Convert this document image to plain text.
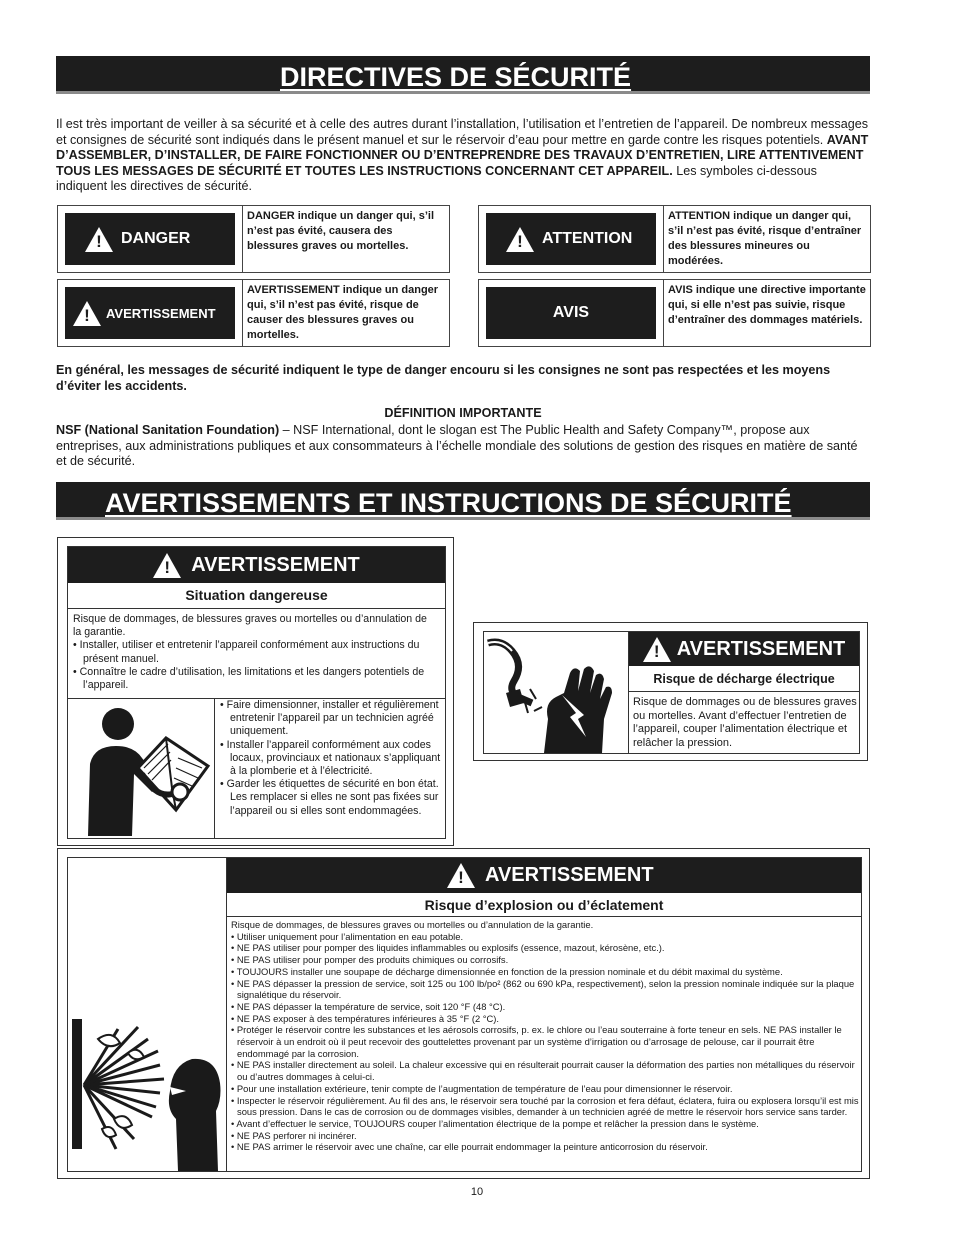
DIRECTIVES DE SÉCURITÉ
Il est très important de veiller à sa sécurité et à celle des autres durant l’installation, l’utilisation et l’entretien de l’appareil. De nombreux messages et consignes de sécurité sont indiqués dans le présent manuel et sur le réservoir d’eau pour mettre en garde contre les risques potentiels. AVANT D’ASSEMBLER, D’INSTALLER, DE FAIRE FONCTIONNER OU D’ENTREPRENDRE DES TRAVAUX D’ENTRETIEN, LIRE ATTENTIVEMENT TOUS LES MESSAGES DE SÉCURITÉ ET TOUTES LES INSTRUCTIONS CONCERNANT CET APPAREIL. Les symboles ci-dessous indiquent les directives de sécurité.
! DANGER
DANGER indique un danger qui, s’il n’est pas évité, causera des blessures graves ou mortelles.	! ATTENTION
ATTENTION indique un danger qui, s’il n’est pas évité, risque d’entraîner des blessures mineures ou modérées.
! AVERTISSEMENT
AVERTISSEMENT indique un danger qui, s’il n’est pas évité, risque de causer des blessures graves ou mortelles.
AVIS
AVIS indique une directive importante qui, si elle n’est pas suivie, risque d’entraîner des dommages matériels.
En général, les messages de sécurité indiquent le type de danger encouru si les consignes ne sont pas respectées et les moyens d’éviter les accidents.
DÉFINITION IMPORTANTE
NSF (National Sanitation Foundation) – NSF International, dont le slogan est The Public Health and Safety Company™, propose aux entreprises, aux administrations publiques et aux consommateurs à l’échelle mondiale des solutions de gestion des risques en matière de santé et de sécurité.
AVERTISSEMENTS ET INSTRUCTIONS DE SÉCURITÉ
! AVERTISSEMENT
Situation dangereuse
Risque de dommages, de blessures graves ou mortelles ou d’annulation de la garantie.
• Installer, utiliser et entretenir l’appareil conformément aux instructions du présent manuel.
• Connaître le cadre d’utilisation, les limitations et les dangers potentiels de l’appareil.
• Faire dimensionner, installer et régulièrement entretenir l’appareil par un technicien agréé uniquement.
• Installer l’appareil conformément aux codes locaux, provinciaux et nationaux s’appliquant à la plomberie et à l’électricité.
• Garder les étiquettes de sécurité en bon état. Les remplacer si elles ne sont pas fixées sur l’appareil ou si elles sont endommagées.
! AVERTISSEMENT
Risque de décharge électrique
Risque de dommages ou de blessures graves ou mortelles. Avant d’effectuer l’entretien de l’appareil, couper l’alimentation électrique et relâcher la pression.
! AVERTISSEMENT
Risque d’explosion ou d’éclatement
Risque de dommages, de blessures graves ou mortelles ou d’annulation de la garantie.
• Utiliser uniquement pour l’alimentation en eau potable.
• NE PAS utiliser pour pomper des liquides inflammables ou explosifs (essence, mazout, kérosène, etc.).
• NE PAS utiliser pour pomper des produits chimiques ou corrosifs.
• TOUJOURS installer une soupape de décharge dimensionnée en fonction de la pression nominale et du débit maximal du système.
• NE PAS dépasser la pression de service, soit 125 ou 100 lb/po² (862 ou 690 kPa, respectivement), selon la pression nominale indiquée sur la plaque signalétique du réservoir.
• NE PAS dépasser la température de service, soit 120 °F (48 °C).
• NE PAS exposer à des températures inférieures à 35 °F (2 °C).
• Protéger le réservoir contre les substances et les aérosols corrosifs, p. ex. le chlore ou l’eau souterraine à forte teneur en sels. NE PAS installer le réservoir à un endroit où il peut recevoir des gouttelettes provenant par un système d’irrigation ou d’arrosage de pelouse, car il pourrait être endommagé par la corrosion.
• NE PAS installer directement au soleil. La chaleur excessive qui en résulterait pourrait causer la déformation des parties non métalliques du réservoir ou d’autres dommages à celui-ci.
• Pour une installation extérieure, tenir compte de l’augmentation de température de l’eau pour dimensionner le réservoir.
• Inspecter le réservoir régulièrement. Au fil des ans, le réservoir sera touché par la corrosion et fera défaut, éclatera, fuira ou explosera lorsqu’il est mis sous pression. Dans le cas de corrosion ou de dommages visibles, demander à un technicien agréé de mettre le réservoir hors service sans tarder.
• Avant d’effectuer le service, TOUJOURS couper l’alimentation électrique de la pompe et relâcher la pression dans le système.
• NE PAS perforer ni incinérer.
• NE PAS arrimer le réservoir avec une chaîne, car elle pourrait endommager la peinture anticorrosion du réservoir.
10
